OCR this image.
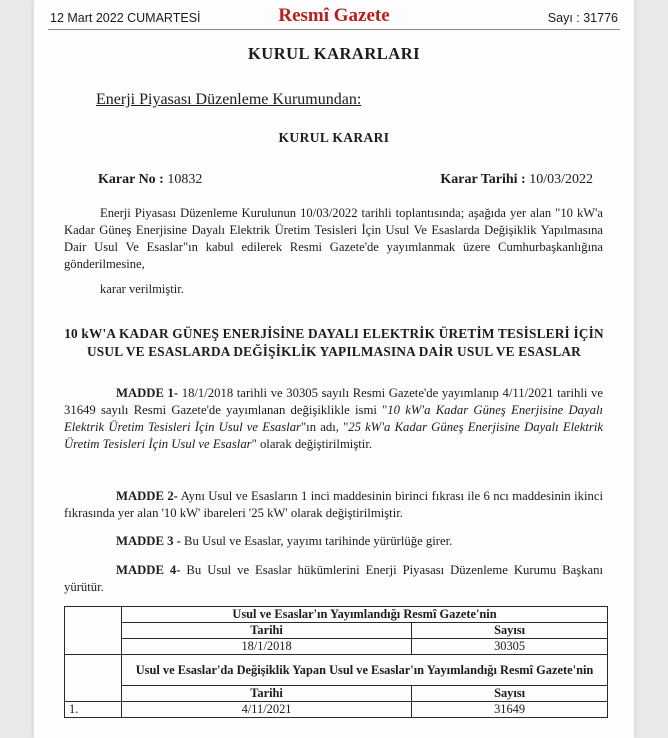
12 Mart 2022 CUMARTESİ	Resmî Gazete	Sayı : 31776
KURUL KARARLARI
Enerji Piyasası Düzenleme Kurumundan:
KURUL KARARI
Karar No : 10832	Karar Tarihi : 10/03/2022
Enerji Piyasası Düzenleme Kurulunun 10/03/2022 tarihli toplantısında; aşağıda yer alan "10 kW'a Kadar Güneş Enerjisine Dayalı Elektrik Üretim Tesisleri İçin Usul Ve Esaslarda Değişiklik Yapılmasına Dair Usul Ve Esaslar"ın kabul edilerek Resmi Gazete'de yayımlanmak üzere Cumhurbaşkanlığına gönderilmesine,
karar verilmiştir.
10 kW'A KADAR GÜNEŞ ENERJİSİNE DAYALI ELEKTRİK ÜRETİM TESİSLERİ İÇİN USUL VE ESASLARDA DEĞİŞİKLİK YAPILMASINA DAİR USUL VE ESASLAR
MADDE 1- 18/1/2018 tarihli ve 30305 sayılı Resmi Gazete'de yayımlanıp 4/11/2021 tarihli ve 31649 sayılı Resmi Gazete'de yayımlanan değişiklikle ismi "10 kW'a Kadar Güneş Enerjisine Dayalı Elektrik Üretim Tesisleri İçin Usul ve Esaslar"ın adı, "25 kW'a Kadar Güneş Enerjisine Dayalı Elektrik Üretim Tesisleri İçin Usul ve Esaslar" olarak değiştirilmiştir.
MADDE 2- Aynı Usul ve Esasların 1 inci maddesinin birinci fıkrası ile 6 ncı maddesinin ikinci fıkrasında yer alan '10 kW' ibareleri '25 kW' olarak değiştirilmiştir.
MADDE 3 - Bu Usul ve Esaslar, yayımı tarihinde yürürlüğe girer.
MADDE 4- Bu Usul ve Esaslar hükümlerini Enerji Piyasası Düzenleme Kurumu Başkanı yürütür.
	Usul ve Esaslar'ın Yayımlandığı Resmî Gazete'nin	
	Tarihi	Sayısı
	18/1/2018	30305
	Usul ve Esaslar'da Değişiklik Yapan Usul ve Esaslar'ın Yayımlandığı Resmî Gazete'nin	
	Tarihi	Sayısı
1.	4/11/2021	31649
